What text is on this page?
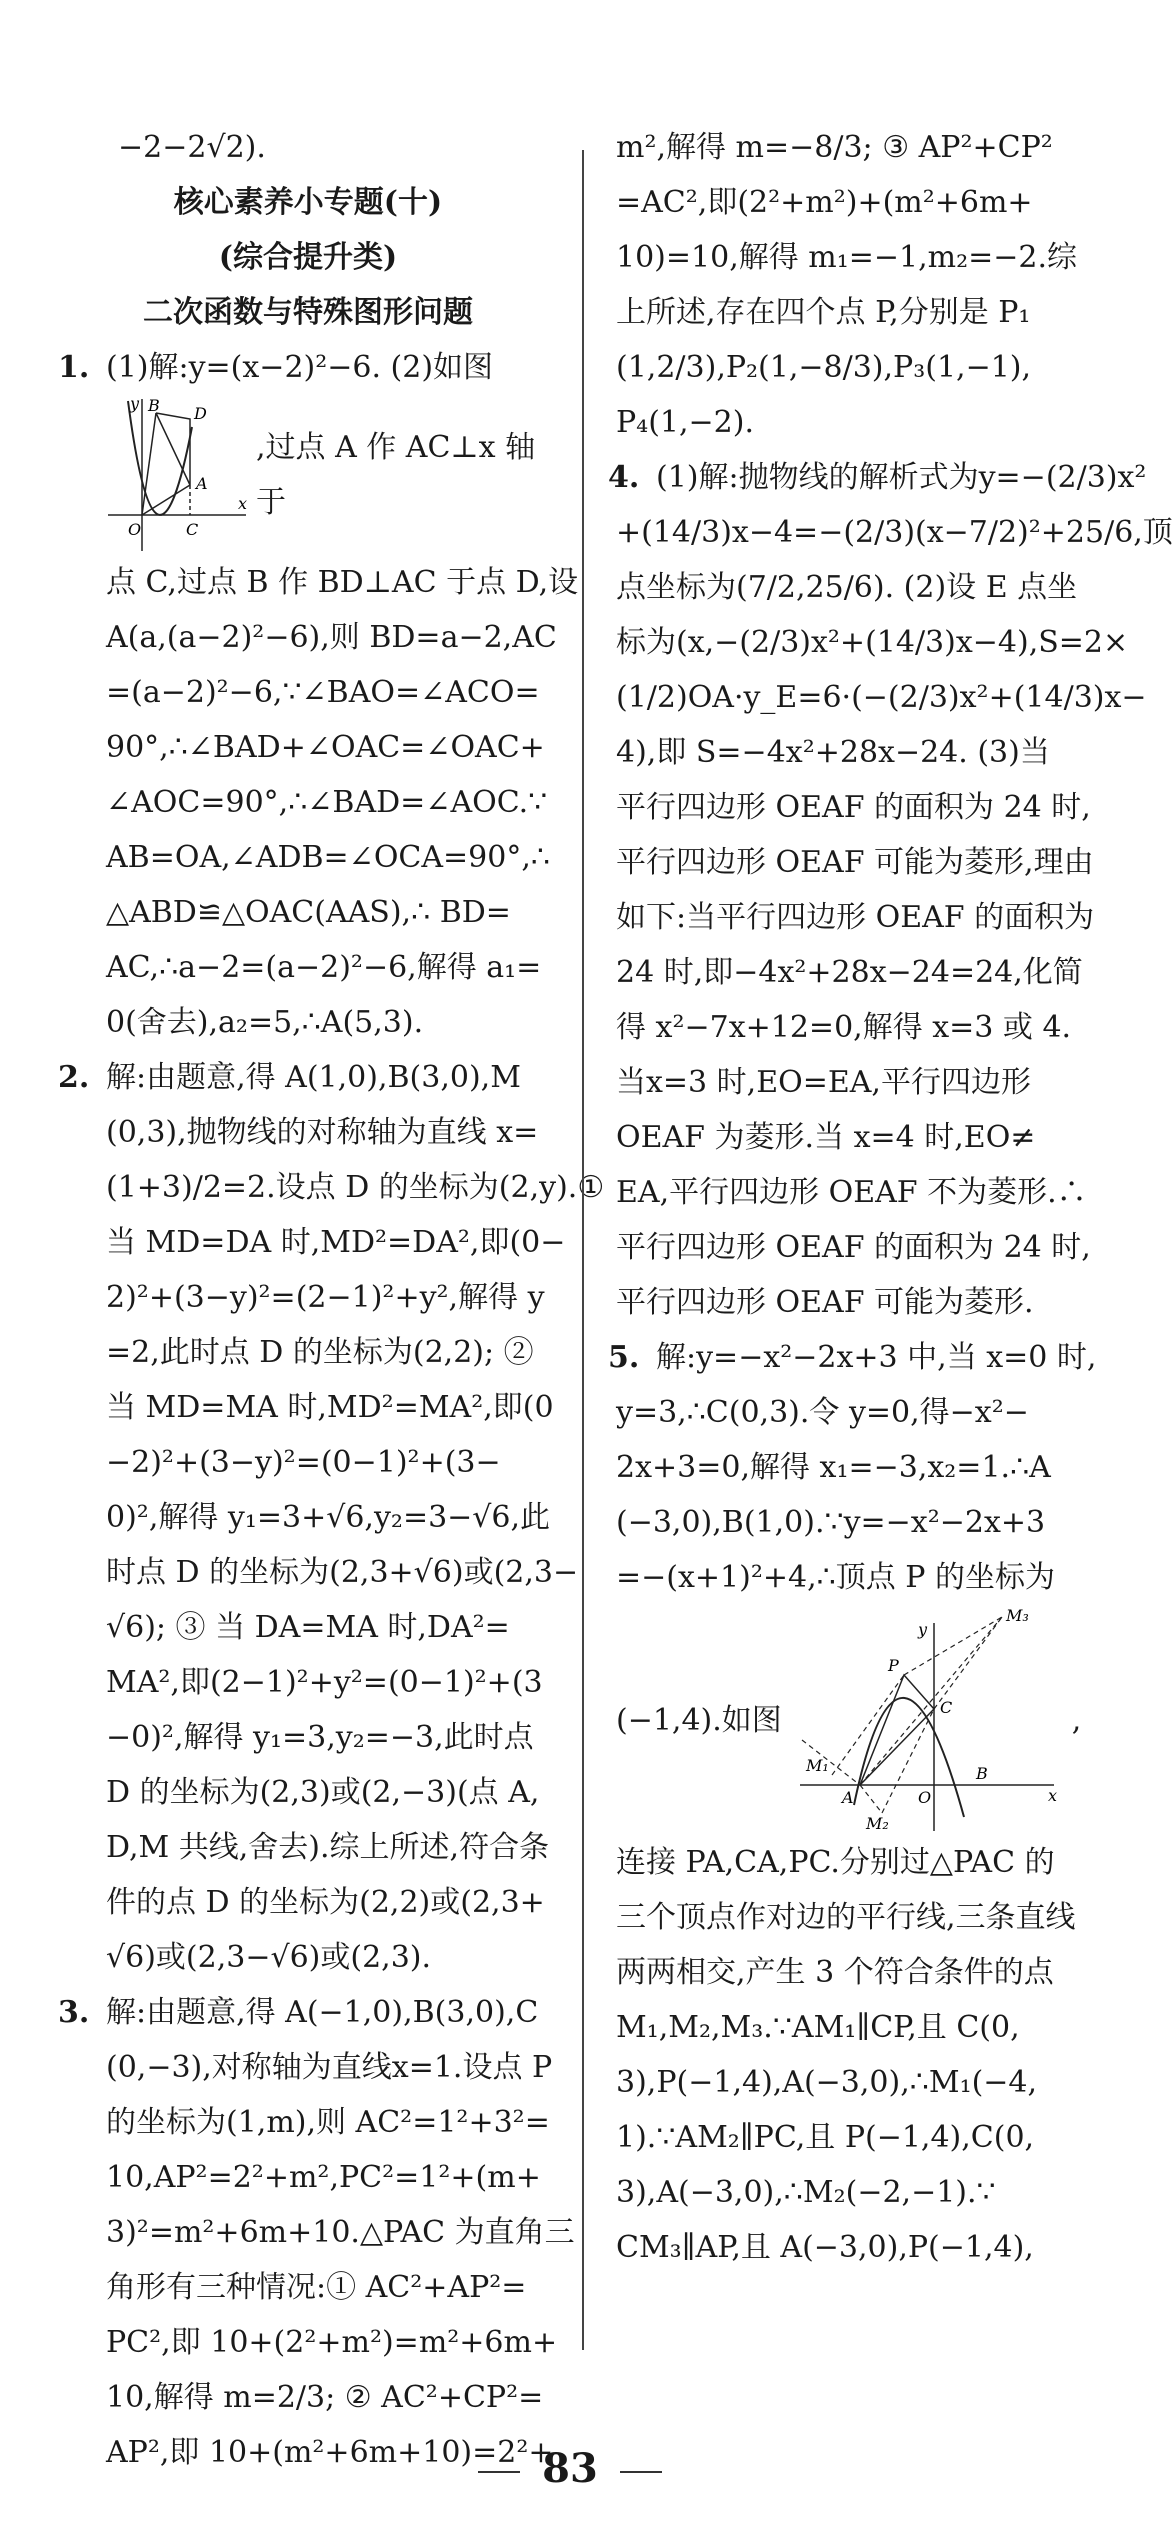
−2−2√2).
核心素养小专题(十)
(综合提升类)
二次函数与特殊图形问题
1. (1)解:y=(x−2)²−6. (2)如图
y B D
A
O	C
x
,过点 A 作 AC⊥x 轴于
点 C,过点 B 作 BD⊥AC 于点 D,设
A(a,(a−2)²−6),则 BD=a−2,AC
=(a−2)²−6,∵∠BAO=∠ACO=
90°,∴∠BAD+∠OAC=∠OAC+
∠AOC=90°,∴∠BAD=∠AOC.∵
AB=OA,∠ADB=∠OCA=90°,∴
△ABD≌△OAC(AAS),∴ BD=
AC,∴a−2=(a−2)²−6,解得 a₁=
0(舍去),a₂=5,∴A(5,3).
2. 解:由题意,得 A(1,0),B(3,0),M
(0,3),抛物线的对称轴为直线 x=
(1+3)/2=2.设点 D 的坐标为(2,y).①
当 MD=DA 时,MD²=DA²,即(0−
2)²+(3−y)²=(2−1)²+y²,解得 y
=2,此时点 D 的坐标为(2,2); ②
当 MD=MA 时,MD²=MA²,即(0
−2)²+(3−y)²=(0−1)²+(3−
0)²,解得 y₁=3+√6,y₂=3−√6,此
时点 D 的坐标为(2,3+√6)或(2,3−
√6); ③ 当 DA=MA 时,DA²=
MA²,即(2−1)²+y²=(0−1)²+(3
−0)²,解得 y₁=3,y₂=−3,此时点
D 的坐标为(2,3)或(2,−3)(点 A,
D,M 共线,舍去).综上所述,符合条
件的点 D 的坐标为(2,2)或(2,3+
√6)或(2,3−√6)或(2,3).
3. 解:由题意,得 A(−1,0),B(3,0),C
(0,−3),对称轴为直线x=1.设点 P
的坐标为(1,m),则 AC²=1²+3²=
10,AP²=2²+m²,PC²=1²+(m+
3)²=m²+6m+10.△PAC 为直角三
角形有三种情况:① AC²+AP²=
PC²,即 10+(2²+m²)=m²+6m+
10,解得 m=2/3; ② AC²+CP²=
AP²,即 10+(m²+6m+10)=2²+
m²,解得 m=−8/3; ③ AP²+CP²
=AC²,即(2²+m²)+(m²+6m+
10)=10,解得 m₁=−1,m₂=−2.综
上所述,存在四个点 P,分别是 P₁
(1,2/3),P₂(1,−8/3),P₃(1,−1),
P₄(1,−2).
4. (1)解:抛物线的解析式为y=−(2/3)x²
+(14/3)x−4=−(2/3)(x−7/2)²+25/6,顶
点坐标为(7/2,25/6). (2)设 E 点坐
标为(x,−(2/3)x²+(14/3)x−4),S=2×
(1/2)OA·y_E=6·(−(2/3)x²+(14/3)x−
4),即 S=−4x²+28x−24. (3)当
平行四边形 OEAF 的面积为 24 时,
平行四边形 OEAF 可能为菱形,理由
如下:当平行四边形 OEAF 的面积为
24 时,即−4x²+28x−24=24,化简
得 x²−7x+12=0,解得 x=3 或 4.
当x=3 时,EO=EA,平行四边形
OEAF 为菱形.当 x=4 时,EO≠
EA,平行四边形 OEAF 不为菱形.∴
平行四边形 OEAF 的面积为 24 时,
平行四边形 OEAF 可能为菱形.
5. 解:y=−x²−2x+3 中,当 x=0 时,
y=3,∴C(0,3).令 y=0,得−x²−
2x+3=0,解得 x₁=−3,x₂=1.∴A
(−3,0),B(1,0).∵y=−x²−2x+3
=−(x+1)²+4,∴顶点 P 的坐标为
(−1,4).如图
M₃
y
P
C
M₁
A	O
B
x
M₂
,
连接 PA,CA,PC.分别过△PAC 的
三个顶点作对边的平行线,三条直线
两两相交,产生 3 个符合条件的点
M₁,M₂,M₃.∵AM₁∥CP,且 C(0,
3),P(−1,4),A(−3,0),∴M₁(−4,
1).∵AM₂∥PC,且 P(−1,4),C(0,
3),A(−3,0),∴M₂(−2,−1).∵
CM₃∥AP,且 A(−3,0),P(−1,4),
83
